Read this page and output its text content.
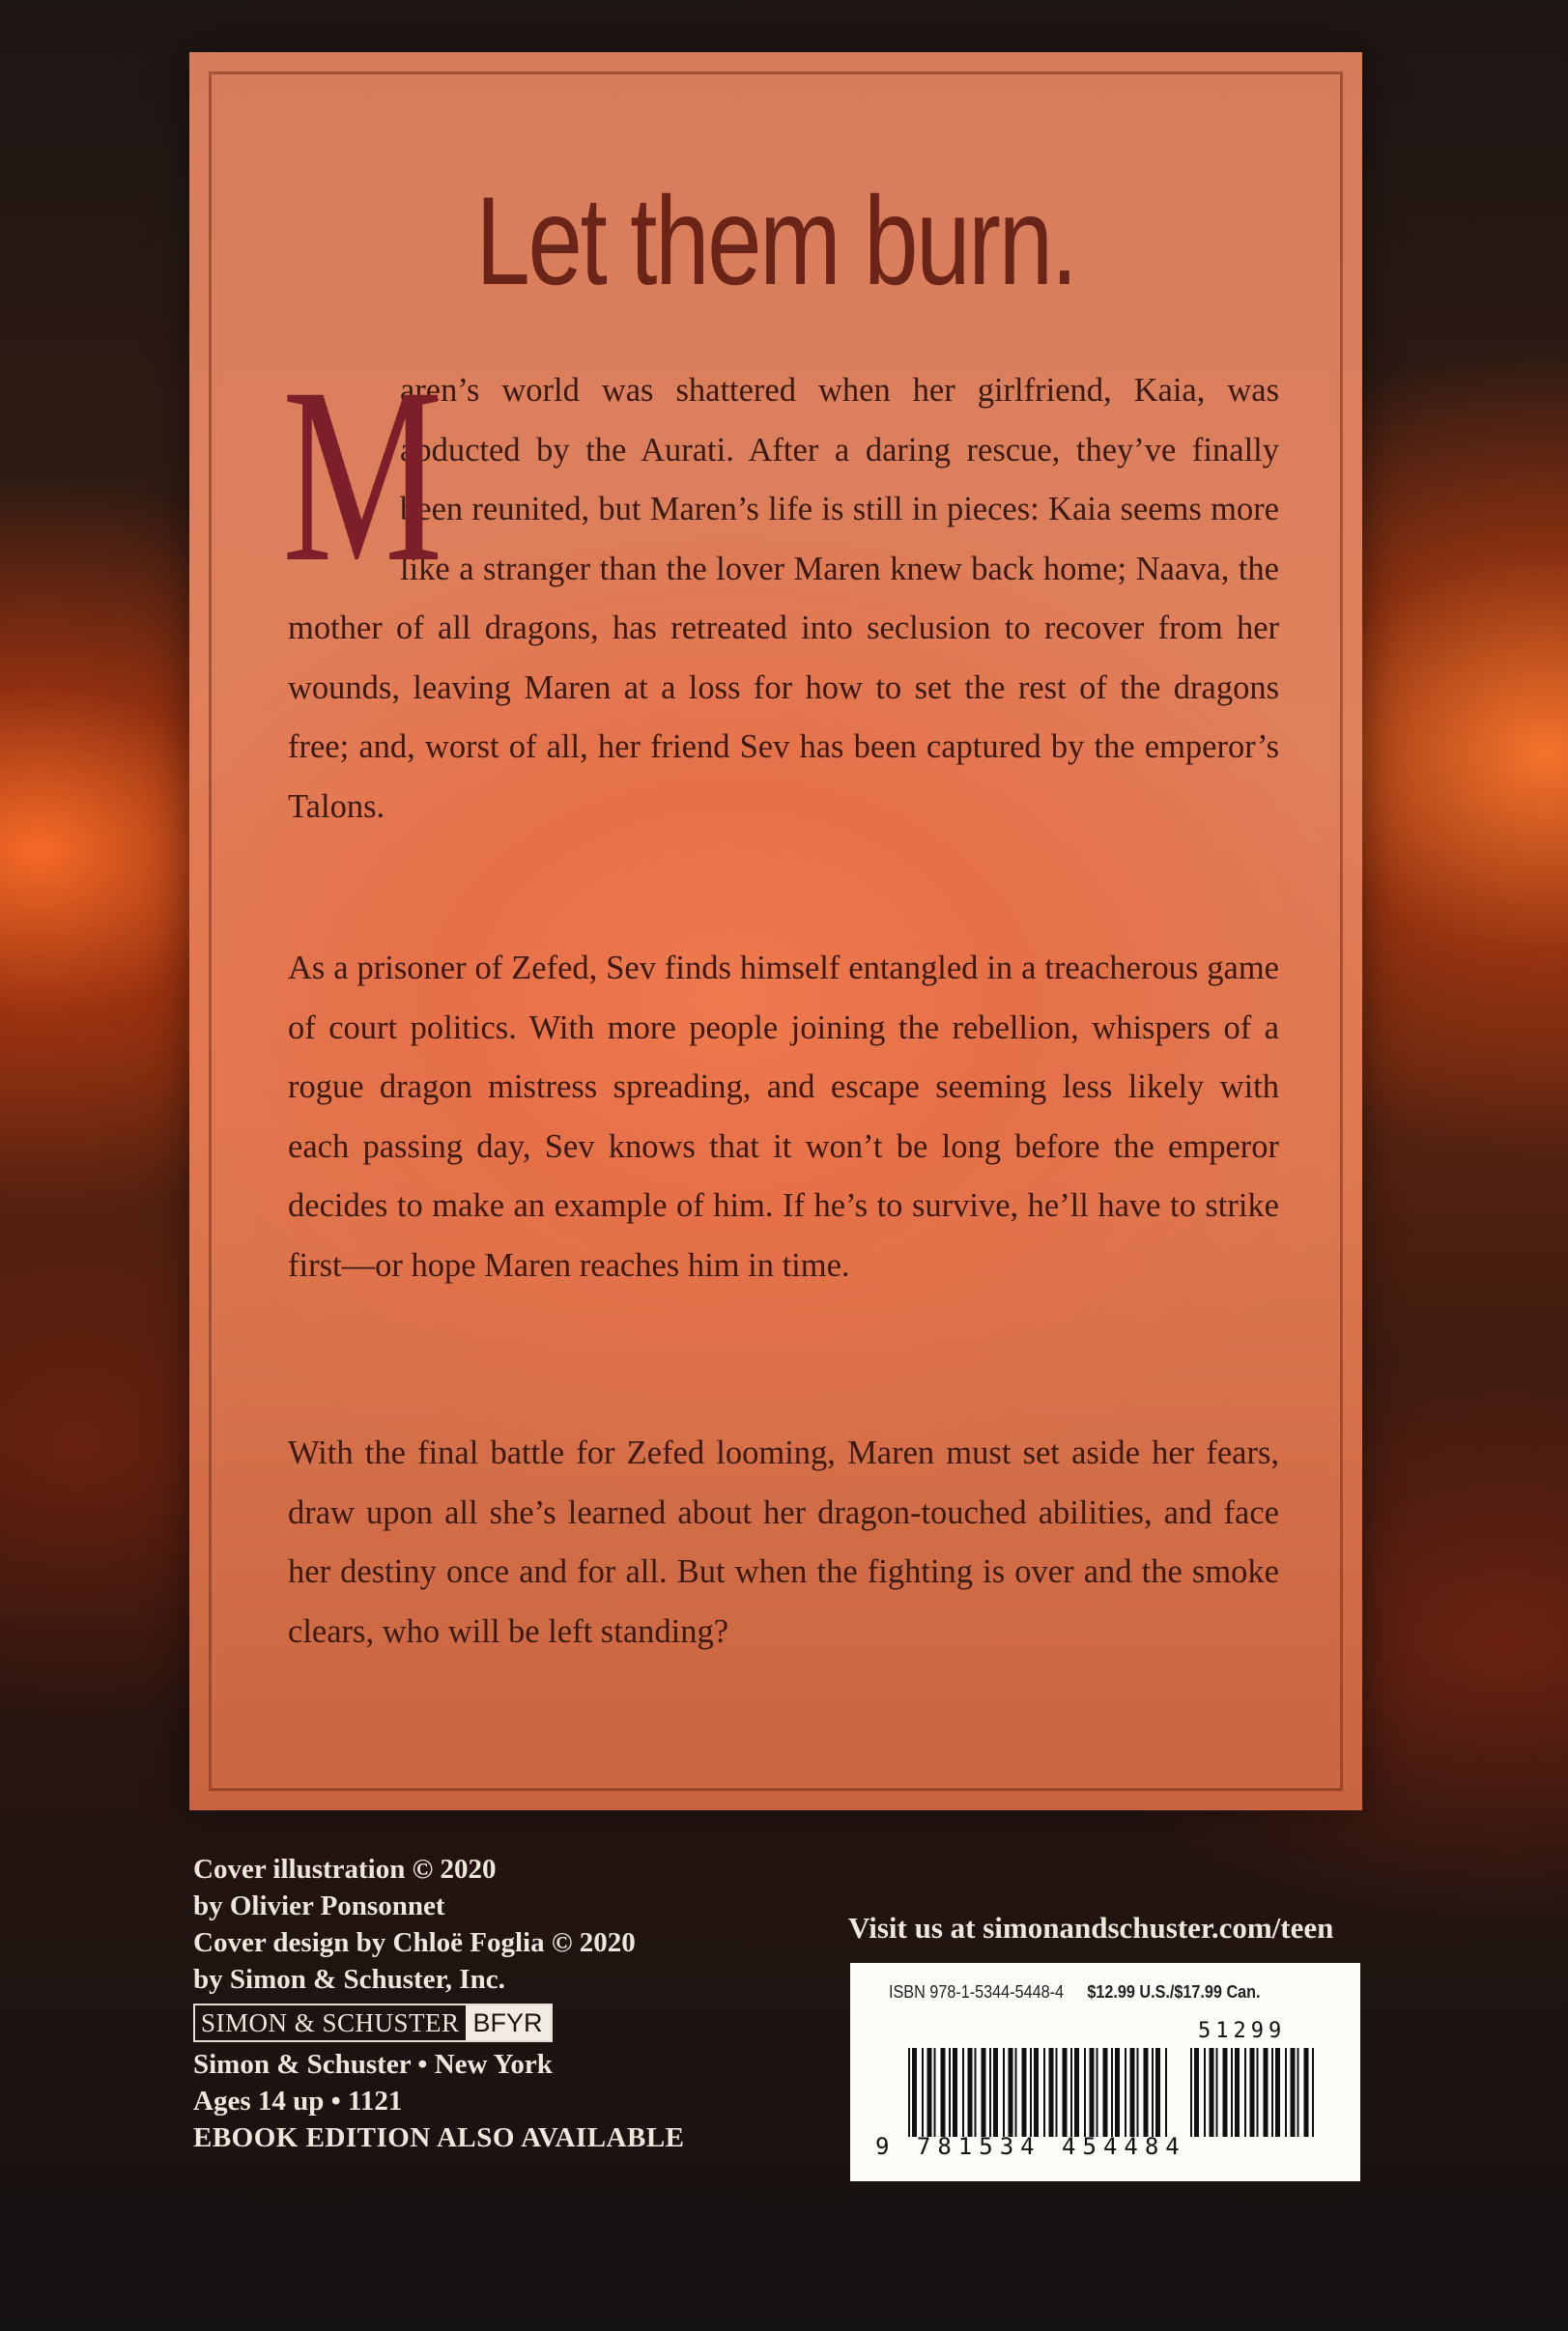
Let them burn.
M
aren’s world was shattered when her girlfriend, Kaia, was abducted by the Aurati. After a daring rescue, they’ve finally been reunited, but Maren’s life is still in pieces: Kaia seems more like a stranger than the lover Maren knew back home; Naava, the mother of all dragons, has retreated into seclusion to recover from her wounds, leaving Maren at a loss for how to set the rest of the dragons free; and, worst of all, her friend Sev has been captured by the emperor’s Talons.
As a prisoner of Zefed, Sev finds himself entangled in a treacherous game of court politics. With more people joining the rebellion, whispers of a rogue dragon mistress spreading, and escape seeming less likely with each passing day, Sev knows that it won’t be long before the emperor decides to make an example of him. If he’s to survive, he’ll have to strike first—or hope Maren reaches him in time.
With the final battle for Zefed looming, Maren must set aside her fears, draw upon all she’s learned about her dragon-touched abilities, and face her destiny once and for all. But when the fighting is over and the smoke clears, who will be left standing?
Cover illustration © 2020
by Olivier Ponsonnet
Cover design by Chloë Foglia © 2020
by Simon & Schuster, Inc.
SIMON & SCHUSTER BFYR
Simon & Schuster • New York
Ages 14 up • 1121
EBOOK EDITION ALSO AVAILABLE
Visit us at simonandschuster.com/teen
ISBN 978-1-5344-5448-4 $12.99 U.S./$17.99 Can.
51299
9 781534 454484
